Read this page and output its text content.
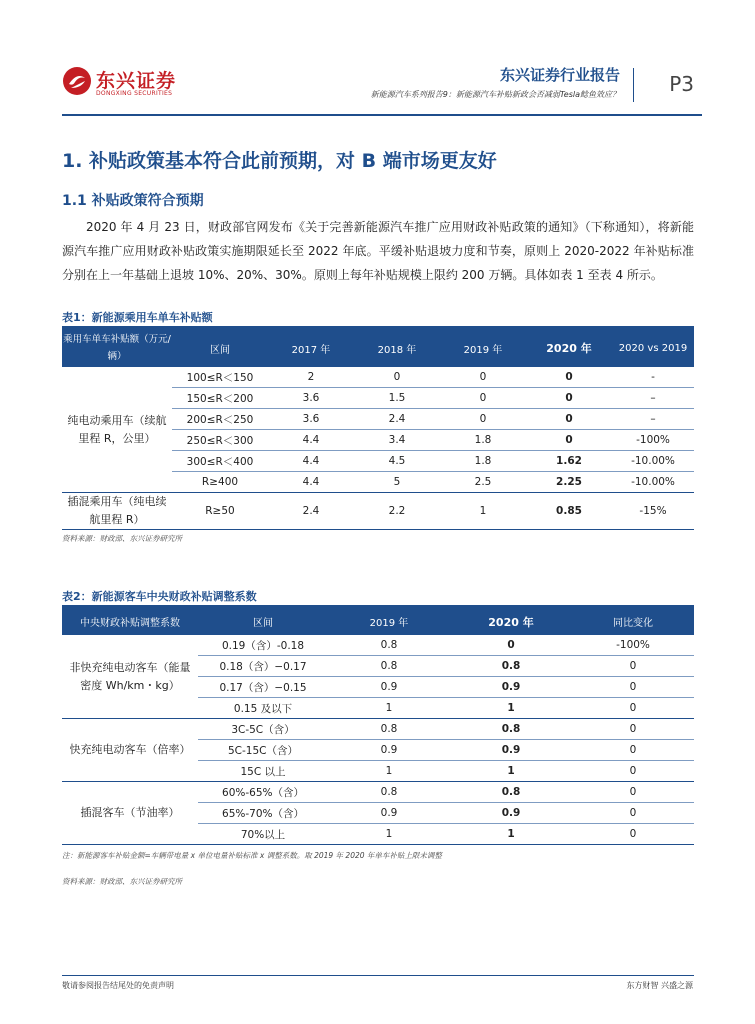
东兴证券
DONGXING SECURITIES
东兴证券行业报告
新能源汽车系列报告9：新能源汽车补贴新政会否减弱Tesla鲶鱼效应？ P3
1. 补贴政策基本符合此前预期，对 B 端市场更友好
1.1 补贴政策符合预期
2020 年 4 月 23 日，财政部官网发布《关于完善新能源汽车推广应用财政补贴政策的通知》（下称通知），将新能源汽车推广应用财政补贴政策实施期限延长至 2022 年底。平缓补贴退坡力度和节奏，原则上 2020-2022 年补贴标准分别在上一年基础上退坡 10%、20%、30%。原则上每年补贴规模上限约 200 万辆。具体如表 1 至表 4 所示。
表1：新能源乘用车单车补贴额
乘用车单车补贴额（万元/辆）	区间	2017 年	2018 年	2019 年	2020 年	2020 vs 2019
纯电动乘用车（续航里程 R，公里）	100≤R＜150	2	0	0	0	-
	150≤R＜200	3.6	1.5	0	0	–
	200≤R＜250	3.6	2.4	0	0	–
	250≤R＜300	4.4	3.4	1.8	0	-100%
	300≤R＜400	4.4	4.5	1.8	1.62	-10.00%
	R≥400	4.4	5	2.5	2.25	-10.00%
插混乘用车（纯电续航里程 R）	R≥50	2.4	2.2	1	0.85	-15%
资料来源：财政部、东兴证券研究所
表2：新能源客车中央财政补贴调整系数
中央财政补贴调整系数	区间	2019 年	2020 年	同比变化
非快充纯电动客车（能量密度 Wh/km・kg）	0.19（含）-0.18	0.8	0	-100%
	0.18（含）−0.17	0.8	0.8	0
	0.17（含）−0.15	0.9	0.9	0
	0.15 及以下	1	1	0
快充纯电动客车（倍率）	3C-5C（含）	0.8	0.8	0
	5C-15C（含）	0.9	0.9	0
	15C 以上	1	1	0
插混客车（节油率）	60%-65%（含）	0.8	0.8	0
	65%-70%（含）	0.9	0.9	0
	70%以上	1	1	0
注：新能源客车补贴金额=车辆带电量 x 单位电量补贴标准 x 调整系数。取 2019 年 2020 年单车补贴上限未调整
资料来源：财政部、东兴证券研究所
敬请参阅报告结尾处的免责声明	东方财智 兴盛之源
